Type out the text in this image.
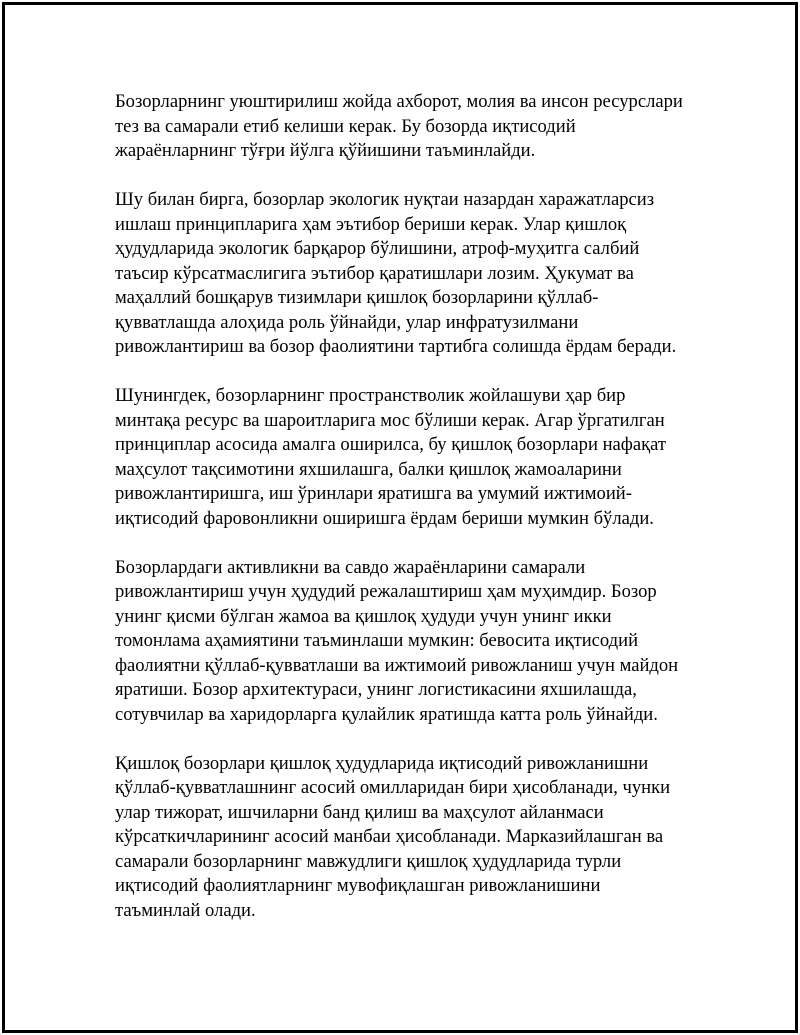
Бозорларнинг уюштирилиш жойда ахборот, молия ва инсон ресурслари
тез ва самарали етиб келиши керак. Бу бозорда иқтисодий
жараёнларнинг тўғри йўлга қўйишини таъминлайди.

Шу билан бирга, бозорлар экологик нуқтаи назардан харажатларсиз
ишлаш принципларига ҳам эътибор бериши керак. Улар қишлоқ
ҳудудларида экологик барқарор бўлишини, атроф-муҳитга салбий
таъсир кўрсатмаслигига эътибор қаратишлари лозим. Ҳукумат ва
маҳаллий бошқарув тизимлари қишлоқ бозорларини қўллаб-
қувватлашда алоҳида роль ўйнайди, улар инфратузилмани
ривожлантириш ва бозор фаолиятини тартибга солишда ёрдам беради.

Шунингдек, бозорларнинг пространстволик жойлашуви ҳар бир
минтақа ресурс ва шароитларига мос бўлиши керак. Агар ўргатилган
принциплар асосида амалга оширилса, бу қишлоқ бозорлари нафақат
маҳсулот тақсимотини яхшилашга, балки қишлоқ жамоаларини
ривожлантиришга, иш ўринлари яратишга ва умумий ижтимоий-
иқтисодий фаровонликни оширишга ёрдам бериши мумкин бўлади.

Бозорлардаги активликни ва савдо жараёнларини самарали
ривожлантириш учун ҳудудий режалаштириш ҳам муҳимдир. Бозор
унинг қисми бўлган жамоа ва қишлоқ ҳудуди учун унинг икки
томонлама аҳамиятини таъминлаши мумкин: бевосита иқтисодий
фаолиятни қўллаб-қувватлаши ва ижтимоий ривожланиш учун майдон
яратиши. Бозор архитектураси, унинг логистикасини яхшилашда,
сотувчилар ва харидорларга қулайлик яратишда катта роль ўйнайди.

Қишлоқ бозорлари қишлоқ ҳудудларида иқтисодий ривожланишни
қўллаб-қувватлашнинг асосий омилларидан бири ҳисобланади, чунки
улар тижорат, ишчиларни банд қилиш ва маҳсулот айланмаси
кўрсаткичларининг асосий манбаи ҳисобланади. Марказийлашган ва
самарали бозорларнинг мавжудлиги қишлоқ ҳудудларида турли
иқтисодий фаолиятларнинг мувофиқлашган ривожланишини
таъминлай олади.
